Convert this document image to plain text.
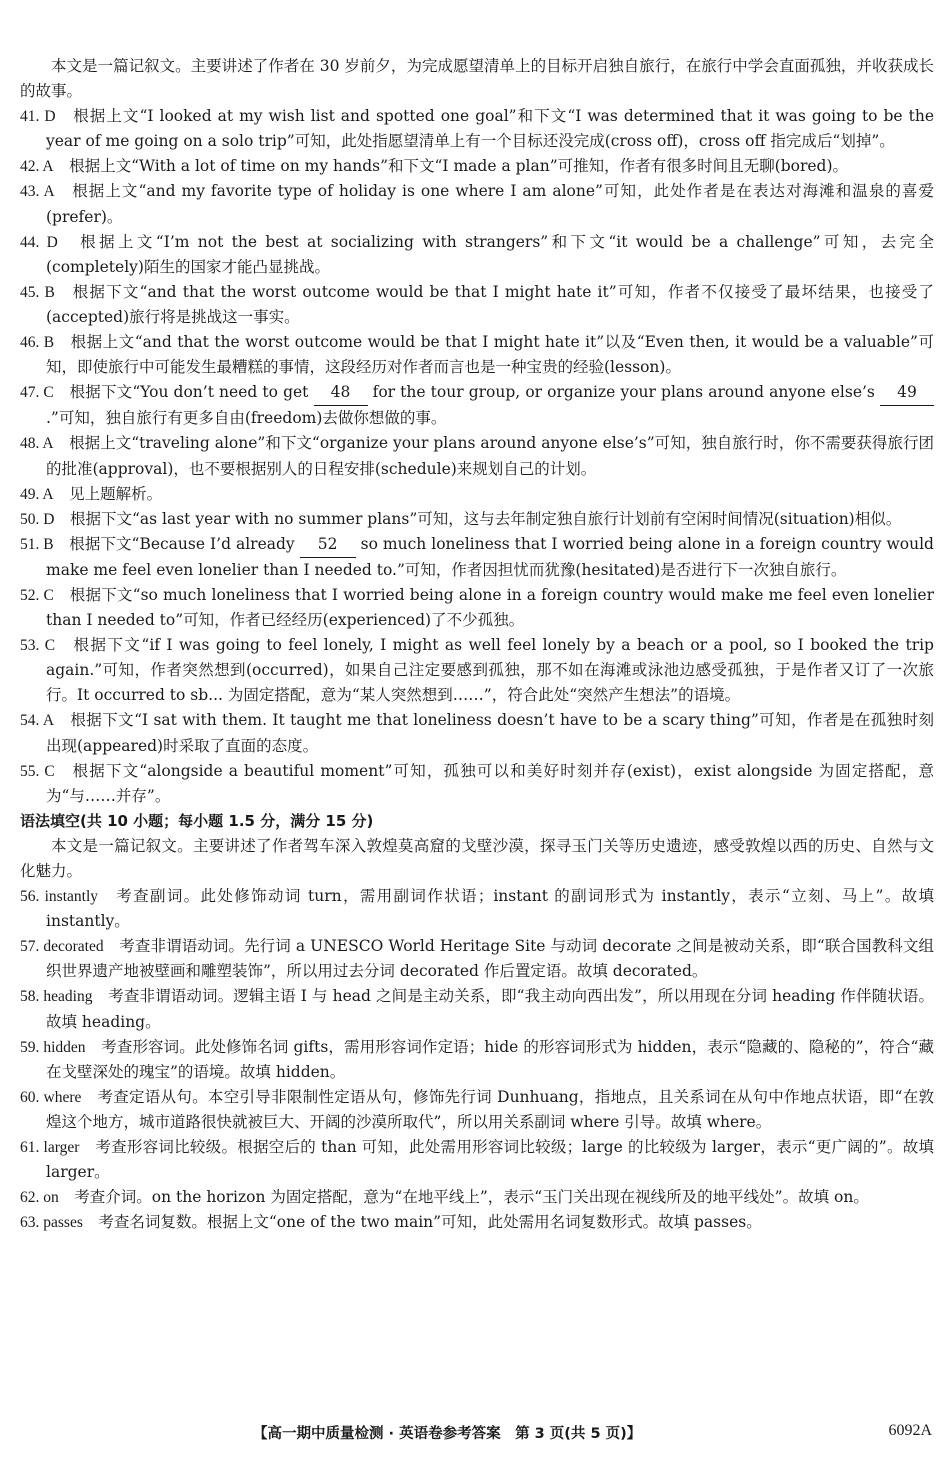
本文是一篇记叙文。主要讲述了作者在 30 岁前夕，为完成愿望清单上的目标开启独自旅行，在旅行中学会直面孤独，并收获成长的故事。

41. D　 根据上文“I looked at my wish list and spotted one goal”和下文“I was determined that it was going to be the year of me going on a solo trip”可知，此处指愿望清单上有一个目标还没完成(cross off)，cross off 指完成后“划掉”。

42. A　 根据上文“With a lot of time on my hands”和下文“I made a plan”可推知，作者有很多时间且无聊(bored)。

43. A　 根据上文“and my favorite type of holiday is one where I am alone”可知，此处作者是在表达对海滩和温泉的喜爱(prefer)。

44. D　 根据上文“I’m not the best at socializing with strangers”和下文“it would be a challenge”可知，去完全(completely)陌生的国家才能凸显挑战。

45. B　 根据下文“and that the worst outcome would be that I might hate it”可知，作者不仅接受了最坏结果，也接受了(accepted)旅行将是挑战这一事实。

46. B　 根据上文“and that the worst outcome would be that I might hate it”以及“Even then, it would be a valuable”可知，即使旅行中可能发生最糟糕的事情，这段经历对作者而言也是一种宝贵的经验(lesson)。

47. C　 根据下文“You don’t need to get 48 for the tour group, or organize your plans around anyone else’s 49.”可知，独自旅行有更多自由(freedom)去做你想做的事。

48. A　 根据上文“traveling alone”和下文“organize your plans around anyone else’s”可知，独自旅行时，你不需要获得旅行团的批准(approval)，也不要根据别人的日程安排(schedule)来规划自己的计划。

49. A　 见上题解析。

50. D　 根据下文“as last year with no summer plans”可知，这与去年制定独自旅行计划前有空闲时间情况(situation)相似。

51. B　 根据下文“Because I’d already 52 so much loneliness that I worried being alone in a foreign country would make me feel even lonelier than I needed to.”可知，作者因担忧而犹豫(hesitated)是否进行下一次独自旅行。

52. C　 根据下文“so much loneliness that I worried being alone in a foreign country would make me feel even lonelier than I needed to”可知，作者已经经历(experienced)了不少孤独。

53. C　 根据下文“if I was going to feel lonely, I might as well feel lonely by a beach or a pool, so I booked the trip again.”可知，作者突然想到(occurred)，如果自己注定要感到孤独，那不如在海滩或泳池边感受孤独，于是作者又订了一次旅行。It occurred to sb... 为固定搭配，意为“某人突然想到……”，符合此处“突然产生想法”的语境。

54. A　 根据下文“I sat with them. It taught me that loneliness doesn’t have to be a scary thing”可知，作者是在孤独时刻出现(appeared)时采取了直面的态度。

55. C　 根据下文“alongside a beautiful moment”可知，孤独可以和美好时刻并存(exist)，exist alongside 为固定搭配，意为“与……并存”。

语法填空(共 10 小题；每小题 1.5 分，满分 15 分)

本文是一篇记叙文。主要讲述了作者驾车深入敦煌莫高窟的戈壁沙漠，探寻玉门关等历史遗迹，感受敦煌以西的历史、自然与文化魅力。

56. instantly　 考查副词。此处修饰动词 turn，需用副词作状语；instant 的副词形式为 instantly，表示“立刻、马上”。故填 instantly。

57. decorated　 考查非谓语动词。先行词 a UNESCO World Heritage Site 与动词 decorate 之间是被动关系，即“联合国教科文组织世界遗产地被壁画和雕塑装饰”，所以用过去分词 decorated 作后置定语。故填 decorated。

58. heading　 考查非谓语动词。逻辑主语 I 与 head 之间是主动关系，即“我主动向西出发”，所以用现在分词 heading 作伴随状语。故填 heading。

59. hidden　 考查形容词。此处修饰名词 gifts，需用形容词作定语；hide 的形容词形式为 hidden，表示“隐藏的、隐秘的”，符合“藏在戈壁深处的瑰宝”的语境。故填 hidden。

60. where　 考查定语从句。本空引导非限制性定语从句，修饰先行词 Dunhuang，指地点，且关系词在从句中作地点状语，即“在敦煌这个地方，城市道路很快就被巨大、开阔的沙漠所取代”，所以用关系副词 where 引导。故填 where。

61. larger　 考查形容词比较级。根据空后的 than 可知，此处需用形容词比较级；large 的比较级为 larger，表示“更广阔的”。故填 larger。

62. on　 考查介词。on the horizon 为固定搭配，意为“在地平线上”，表示“玉门关出现在视线所及的地平线处”。故填 on。

63. passes　 考查名词复数。根据上文“one of the two main”可知，此处需用名词复数形式。故填 passes。

【高一期中质量检测 · 英语卷参考答案　第 3 页(共 5 页)】	6092A
